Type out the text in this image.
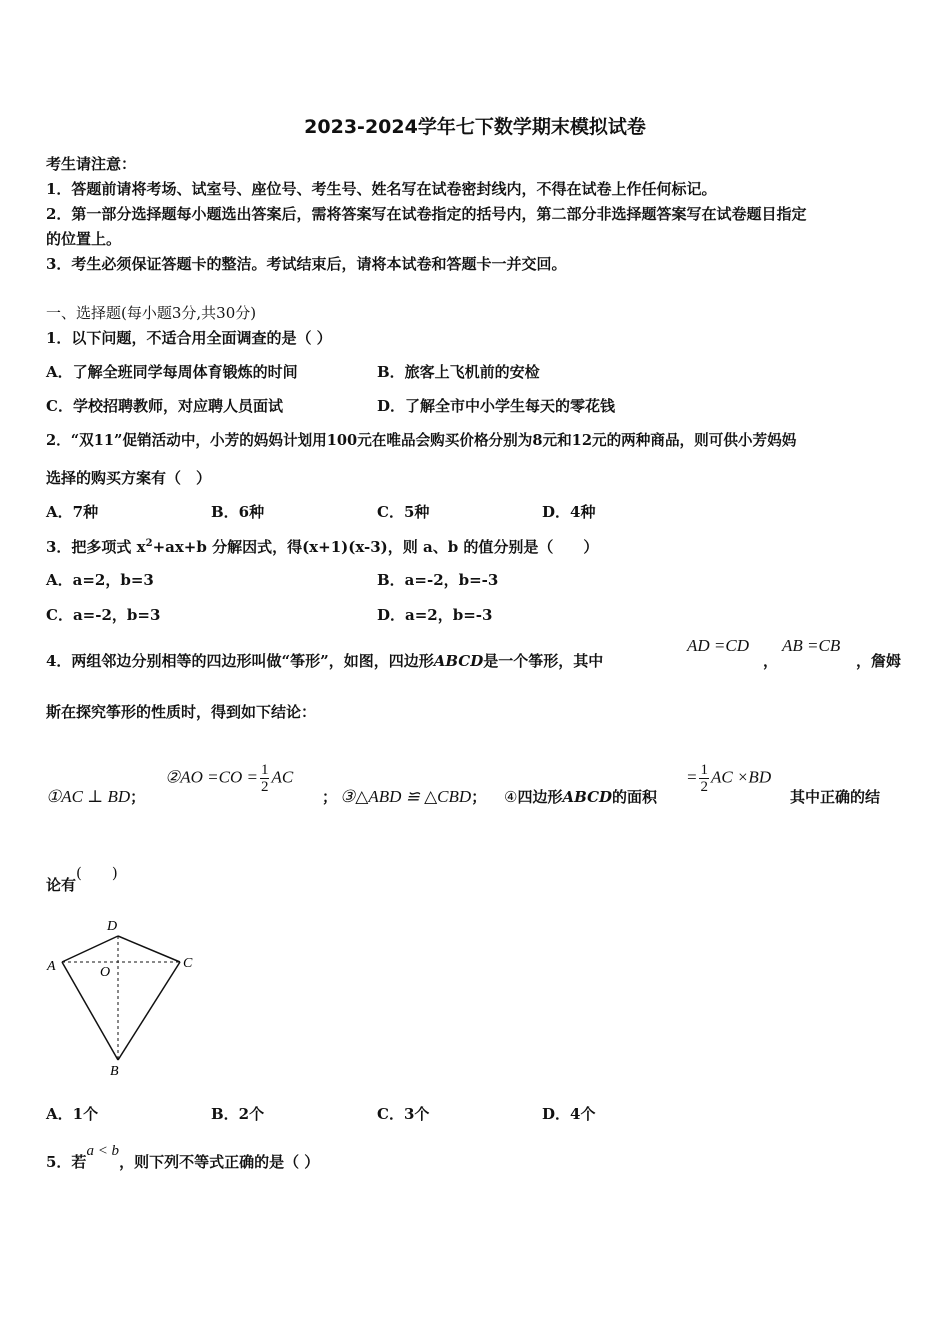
2023-2024学年七下数学期末模拟试卷
考生请注意：
1．答题前请将考场、试室号、座位号、考生号、姓名写在试卷密封线内，不得在试卷上作任何标记。
2．第一部分选择题每小题选出答案后，需将答案写在试卷指定的括号内，第二部分非选择题答案写在试卷题目指定
的位置上。
3．考生必须保证答题卡的整洁。考试结束后，请将本试卷和答题卡一并交回。
一、选择题(每小题3分,共30分)
1．以下问题，不适合用全面调查的是（ ）
A．了解全班同学每周体育锻炼的时间	B．旅客上飞机前的安检
C．学校招聘教师，对应聘人员面试	D．了解全市中小学生每天的零花钱
2．“双11”促销活动中，小芳的妈妈计划用100元在唯品会购买价格分别为8元和12元的两种商品，则可供小芳妈妈
选择的购买方案有（　）
A．7种	B．6种	C．5种	D．4种
3．把多项式 $x^2+ax+b$ 分解因式，得(x+1)(x-3)，则 a、b 的值分别是（　　）
A．a=2，b=3	B．a=-2，b=-3
C．a=-2，b=3	D．a=2，b=-3
4．两组邻边分别相等的四边形叫做“筝形”，如图，四边形ABCD是一个筝形，其中
AD =CD
，
AB =CB
，詹姆
斯在探究筝形的性质时，得到如下结论：
①AC ⊥ BD；
②AO $=CO = \frac{1}{2}$ AC
； ③△ABD ≌ △CBD； ④四边形ABCD的面积
= $\frac{1}{2}$ AC ×BD
其中正确的结
论有(　　)
D
A	O
C
B
A．1个	B．2个	C．3个	D．4个
5．若a < b，则下列不等式正确的是（ ）
